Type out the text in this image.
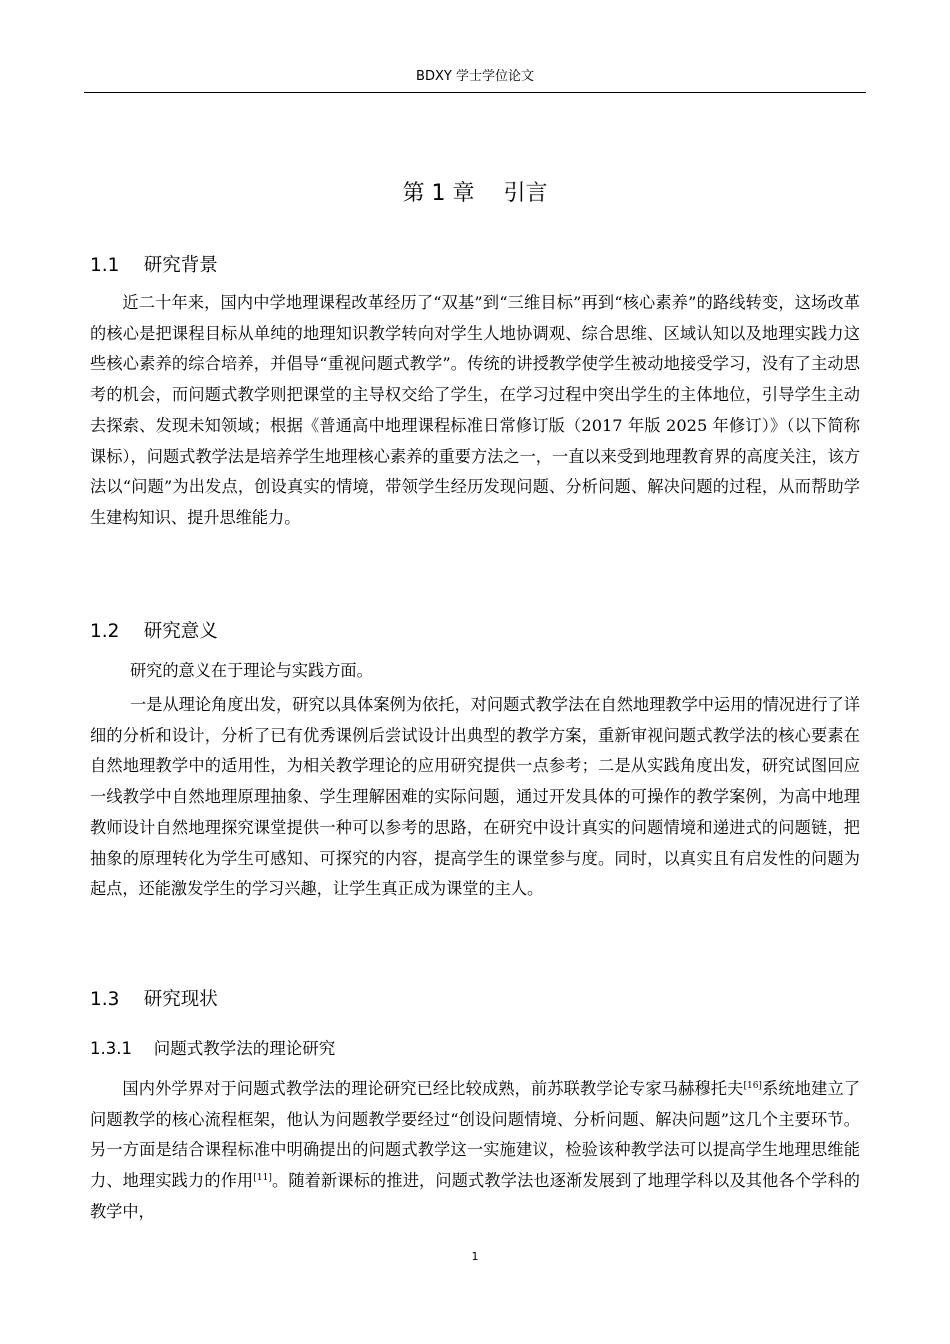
BDXY 学士学位论文
第 1 章　 引言
1.1　 研究背景

近二十年来，国内中学地理课程改革经历了“双基”到“三维目标”再到“核心素养”的路线转变，这场改革的核心是把课程目标从单纯的地理知识教学转向对学生人地协调观、综合思维、区域认知以及地理实践力这些核心素养的综合培养，并倡导“重视问题式教学”。传统的讲授教学使学生被动地接受学习，没有了主动思考的机会，而问题式教学则把课堂的主导权交给了学生，在学习过程中突出学生的主体地位，引导学生主动去探索、发现未知领域；根据《普通高中地理课程标准日常修订版（2017 年版 2025 年修订）》（以下简称课标），问题式教学法是培养学生地理核心素养的重要方法之一，一直以来受到地理教育界的高度关注，该方法以“问题”为出发点，创设真实的情境，带领学生经历发现问题、分析问题、解决问题的过程，从而帮助学生建构知识、提升思维能力。

1.2　 研究意义

研究的意义在于理论与实践方面。

一是从理论角度出发，研究以具体案例为依托，对问题式教学法在自然地理教学中运用的情况进行了详细的分析和设计，分析了已有优秀课例后尝试设计出典型的教学方案，重新审视问题式教学法的核心要素在自然地理教学中的适用性，为相关教学理论的应用研究提供一点参考；二是从实践角度出发，研究试图回应一线教学中自然地理原理抽象、学生理解困难的实际问题，通过开发具体的可操作的教学案例，为高中地理教师设计自然地理探究课堂提供一种可以参考的思路，在研究中设计真实的问题情境和递进式的问题链，把抽象的原理转化为学生可感知、可探究的内容，提高学生的课堂参与度。同时，以真实且有启发性的问题为起点，还能激发学生的学习兴趣，让学生真正成为课堂的主人。

1.3　 研究现状
1.3.1　 问题式教学法的理论研究

国内外学界对于问题式教学法的理论研究已经比较成熟，前苏联教学论专家马赫穆托夫[16]系统地建立了问题教学的核心流程框架，他认为问题教学要经过“创设问题情境、分析问题、解决问题”这几个主要环节。另一方面是结合课程标准中明确提出的问题式教学这一实施建议，检验该种教学法可以提高学生地理思维能力、地理实践力的作用[11]。随着新课标的推进，问题式教学法也逐渐发展到了地理学科以及其他各个学科的教学中，

1
